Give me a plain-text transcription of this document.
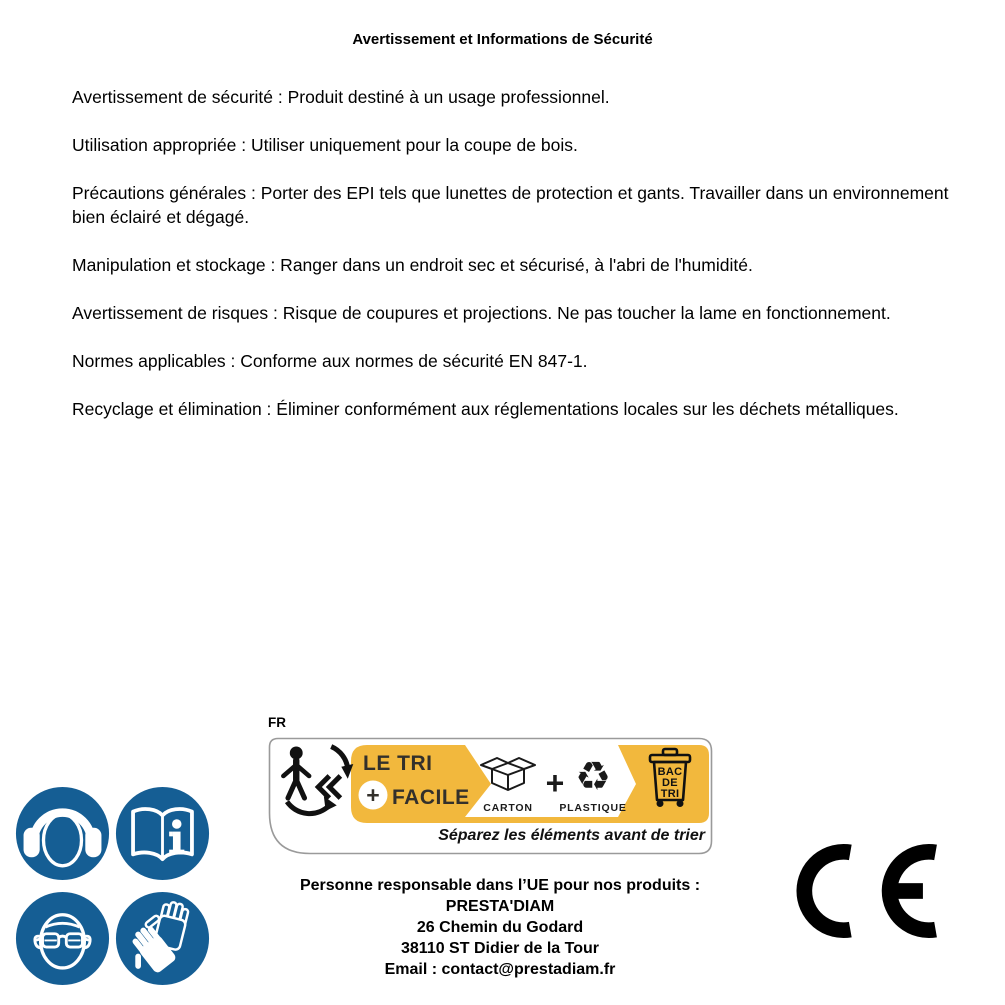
Avertissement et Informations de Sécurité

Avertissement de sécurité : Produit destiné à un usage professionnel.

Utilisation appropriée : Utiliser uniquement pour la coupe de bois.

Précautions générales : Porter des EPI tels que lunettes de protection et gants. Travailler dans un environnement bien éclairé et dégagé.

Manipulation et stockage : Ranger dans un endroit sec et sécurisé, à l'abri de l'humidité.

Avertissement de risques : Risque de coupures et projections. Ne pas toucher la lame en fonctionnement.

Normes applicables : Conforme aux normes de sécurité EN 847-1.

Recyclage et élimination : Éliminer conformément aux réglementations locales sur les déchets métalliques.

FR
LE TRI
+ FACILE CARTON
+ ♻
PLASTIQUE
BAC
DE
TRI
Séparez les éléments avant de trier
Personne responsable dans l’UE pour nos produits :
PRESTA'DIAM
26 Chemin du Godard
38110 ST Didier de la Tour
Email : contact@prestadiam.fr
